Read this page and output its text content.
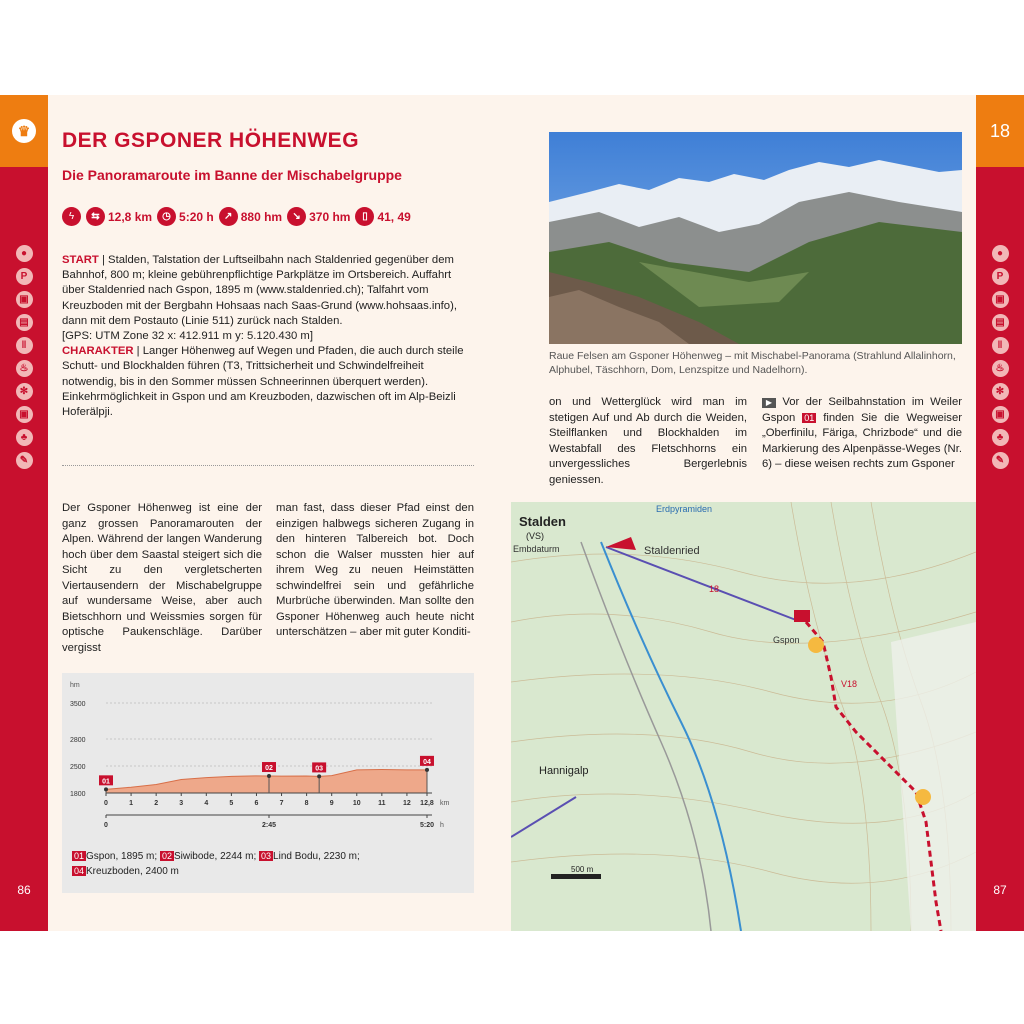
♛
●
P
▣
▤
ǁ
♨
✻
▣
♣
✎
86
18
●
P
▣
▤
ǁ
♨
✻
▣
♣
✎
87
DER GSPONER HÖHENWEG
Die Panoramaroute im Banne der Mischabelgruppe
ϟ	⇆ 12,8 km	◷ 5:20 h	↗ 880 hm	↘ 370 hm	▯ 41, 49
START | Stalden, Talstation der Luftseilbahn nach Staldenried gegenüber dem Bahnhof, 800 m; kleine gebührenpflichtige Parkplätze im Ortsbereich. Auffahrt über Staldenried nach Gspon, 1895 m (www.staldenried.ch); Talfahrt vom Kreuzboden mit der Bergbahn Hohsaas nach Saas-Grund (www.hohsaas.info), dann mit dem Postauto (Linie 511) zurück nach Stalden.
[GPS: UTM Zone 32 x: 412.911 m y: 5.120.430 m]
CHARAKTER | Langer Höhenweg auf Wegen und Pfaden, die auch durch steile Schutt- und Blockhalden führen (T3, Trittsicherheit und Schwindelfreiheit notwendig, bis in den Sommer müssen Schneerinnen überquert werden). Einkehrmöglichkeit in Gspon und am Kreuzboden, dazwischen oft im Alp-Beizli Hoferälpji.
Der Gsponer Höhenweg ist eine der ganz grossen Panoramarouten der Alpen. Während der langen Wanderung hoch über dem Saastal steigert sich die Sicht zu den vergletscherten Viertausendern der Mischabelgruppe auf wundersame Weise, aber auch Bietschhorn und Weissmies sorgen für optische Paukenschläge. Darüber vergisst
man fast, dass dieser Pfad einst den einzigen halbwegs sicheren Zugang in den hinteren Talbereich bot. Doch schon die Walser mussten hier auf ihrem Weg zu neuen Heimstätten schwindelfrei sein und gefährliche Murbrüche überwinden. Man sollte den Gsponer Höhenweg auch heute nicht unterschätzen – aber mit guter Konditi-
3500
2800
2500
1800
hm
0	1	2	3	4	5	6	7	8	9	10 11 12 12,8 km
0	2:45	5:20 h
01
02	03
04
01 Gspon, 1895 m; 02 Siwibode, 2244 m; 03 Lind Bodu, 2230 m;
04 Kreuzboden, 2400 m
Raue Felsen am Gsponer Höhenweg – mit Mischabel-Panorama (Strahlund Allalinhorn, Alphubel, Täschhorn, Dom, Lenzspitze und Nadelhorn).
on und Wetterglück wird man im stetigen Auf und Ab durch die Weiden, Steilflanken und Blockhalden im Westabfall des Fletschhorns ein unvergessliches Bergerlebnis geniessen.
▶ Vor der Seilbahnstation im Weiler Gspon 01 finden Sie die Wegweiser „Oberfinilu, Färiga, Chrizbode“ und die Markierung des Alpenpässe-Weges (Nr. 6) – diese weisen rechts zum Gsponer
Stalden
(VS)
Staldenried
Erdpyramiden
Embdaturm
Gspon
Hannigalp
18
V18
500 m
